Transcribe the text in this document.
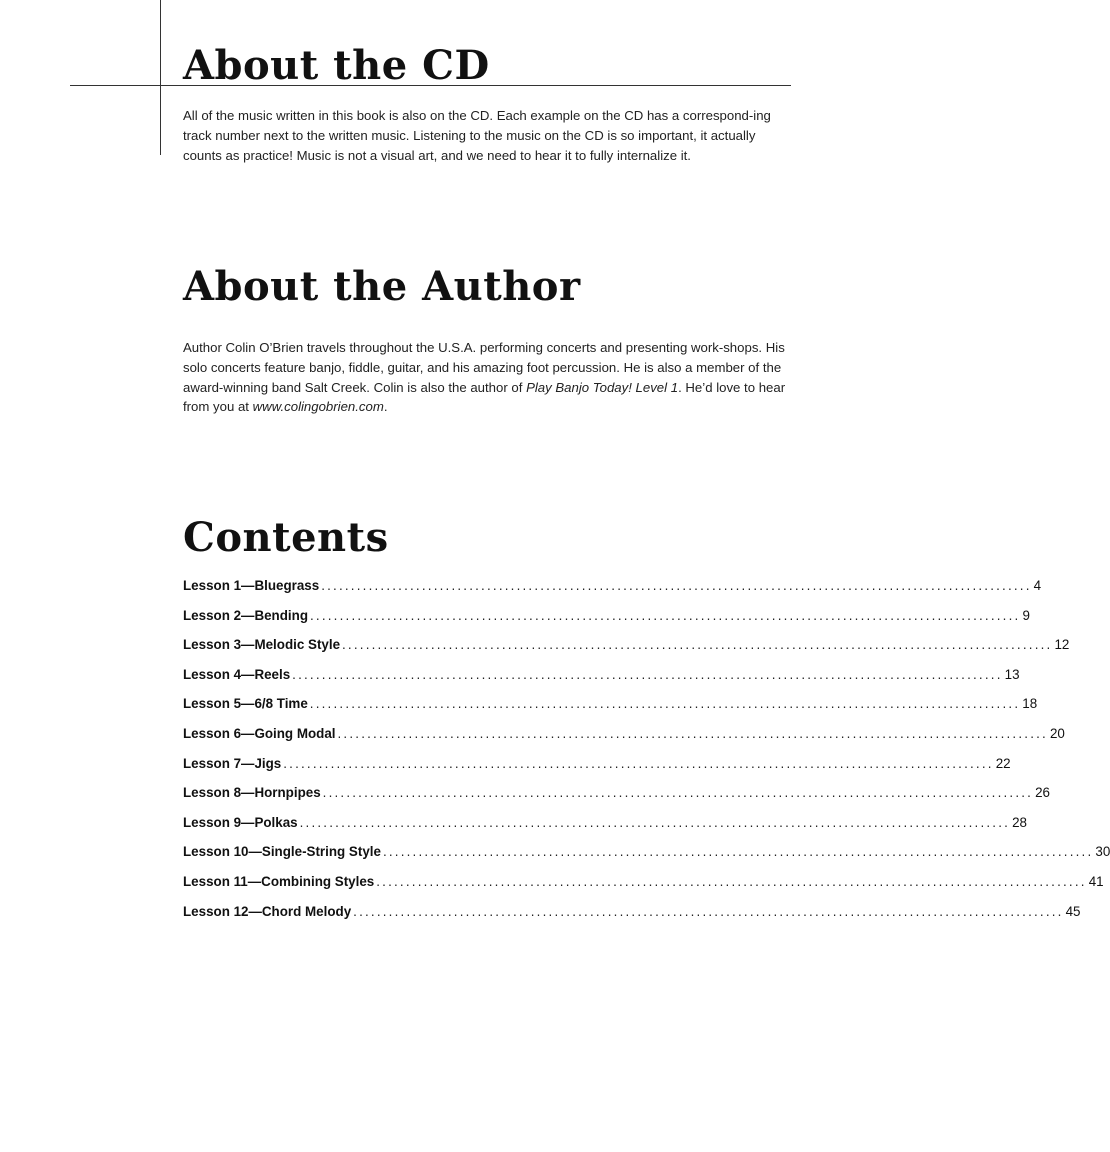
About the CD

All of the music written in this book is also on the CD. Each example on the CD has a correspond-ing track number next to the written music. Listening to the music on the CD is so important, it actually counts as practice! Music is not a visual art, and we need to hear it to fully internalize it.

About the Author

Author Colin O’Brien travels throughout the U.S.A. performing concerts and presenting work-shops. His solo concerts feature banjo, fiddle, guitar, and his amazing foot percussion. He is also a member of the award-winning band Salt Creek. Colin is also the author of Play Banjo Today! Level 1. He’d love to hear from you at www.colingobrien.com.

Contents
Lesson 1—Bluegrass ........................................................................................................................ 4
Lesson 2—Bending ........................................................................................................................ 9
Lesson 3—Melodic Style ........................................................................................................................ 12
Lesson 4—Reels ........................................................................................................................ 13
Lesson 5—6/8 Time ........................................................................................................................ 18
Lesson 6—Going Modal ........................................................................................................................ 20
Lesson 7—Jigs ........................................................................................................................ 22
Lesson 8—Hornpipes ........................................................................................................................ 26
Lesson 9—Polkas ........................................................................................................................ 28
Lesson 10—Single-String Style ........................................................................................................................ 30
Lesson 11—Combining Styles ........................................................................................................................ 41
Lesson 12—Chord Melody ........................................................................................................................ 45
